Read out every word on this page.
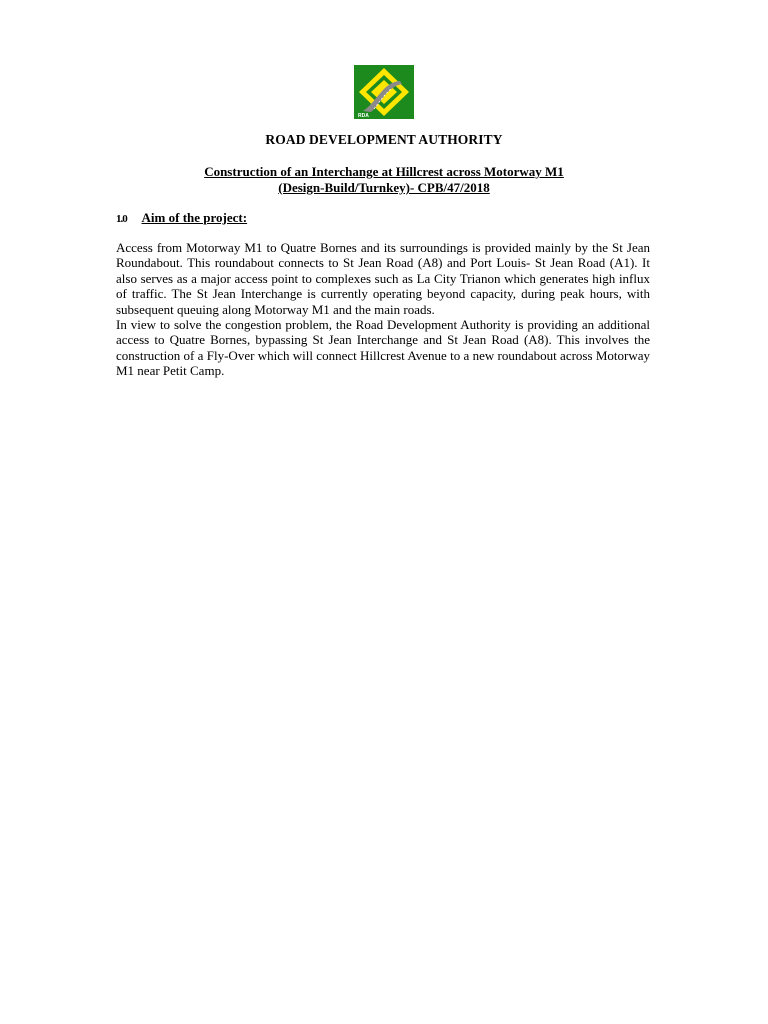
RDA
ROAD DEVELOPMENT AUTHORITY
Construction of an Interchange at Hillcrest across Motorway M1
(Design-Build/Turnkey)- CPB/47/2018
1.0 Aim of the project:

Access from Motorway M1 to Quatre Bornes and its surroundings is provided mainly by the St Jean Roundabout. This roundabout connects to St Jean Road (A8) and Port Louis- St Jean Road (A1). It also serves as a major access point to complexes such as La City Trianon which generates high influx of traffic. The St Jean Interchange is currently operating beyond capacity, during peak hours, with subsequent queuing along Motorway M1 and the main roads.

In view to solve the congestion problem, the Road Development Authority is providing an additional access to Quatre Bornes, bypassing St Jean Interchange and St Jean Road (A8). This involves the construction of a Fly-Over which will connect Hillcrest Avenue to a new roundabout across Motorway M1 near Petit Camp.
